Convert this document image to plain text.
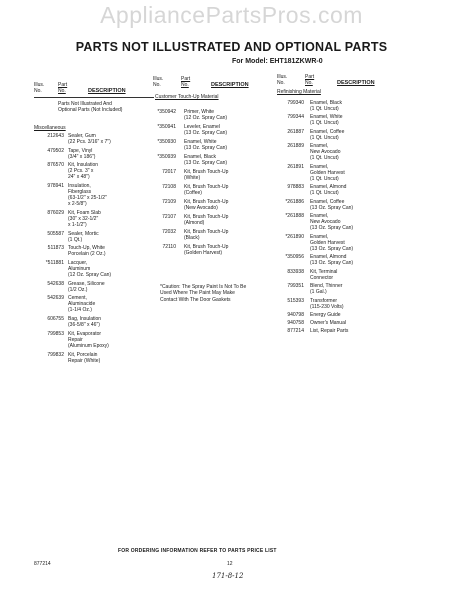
AppliancePartsPros.com
PARTS NOT ILLUSTRATED AND OPTIONAL PARTS
For Model: EHT181ZKWR-0
Illus.
No.
Part
No.	DESCRIPTION
Illus.
No.
Part
No.	DESCRIPTION
Illus.
No.
Part
No.	DESCRIPTION
Parts Not Illustrated And
Optional Parts (Not Included)
Miscellaneous
212643 Sealer, Gum
(22 Pcs. 3/16" x 7")
479502 Tape, Vinyl
(3/4" x 186")
876570 Kit, Insulation
(2 Pcs. 3" x
24" x 48")
978941 Insulation,
Fiberglass
(63-1/2" x 25-1/2"
x 2-5/8")
876029 Kit, Foam Slab
(30" x 32-1/2"
x 1-1/2")
505587 Sealer, Mortic
(1 Qt.)
511873 Touch-Up, White
Porcelain (2 Oz.)
*511881 Lacquer,
Aluminum
(12 Oz. Spray Can)
542638 Grease, Silicone
(1/2 Oz.)
542639 Cement,
Aluminacide
(1-1/4 Oz.)
606755 Bag, Insulation
(36-5/8" x 46")
799853 Kit, Evaporator
Repair
(Aluminum Epoxy)
799832 Kit, Porcelain
Repair (White)
Customer Touch-Up Material
*350942 Primer, White
(12 Oz. Spray Can)
*350941 Leveler, Enamel
(13 Oz. Spray Can)
*350930 Enamel, White
(13 Oz. Spray Can)
*350939 Enamel, Black
(13 Oz. Spray Can)
72017 Kit, Brush Touch-Up
(White)
72108 Kit, Brush Touch-Up
(Coffee)
72109 Kit, Brush Touch-Up
(New Avocado)
72107 Kit, Brush Touch-Up
(Almond)
72032 Kit, Brush Touch-Up
(Black)
72110 Kit, Brush Touch-Up
(Golden Harvest)
*Caution: The Spray Paint Is Not To Be
Used Where The Paint May Make
Contact With The Door Gaskets
Refinishing Material
799340 Enamel, Black
(1 Qt. Uncut)
799344 Enamel, White
(1 Qt. Uncut)
261887 Enamel, Coffee
(1 Qt. Uncut)
261889 Enamel,
New Avocado
(1 Qt. Uncut)
261891 Enamel,
Golden Harvest
(1 Qt. Uncut)
978883 Enamel, Almond
(1 Qt. Uncut)
*261886 Enamel, Coffee
(13 Oz. Spray Can)
*261888 Enamel,
New Avocado
(13 Oz. Spray Can)
*261890 Enamel,
Golden Harvest
(13 Oz. Spray Can)
*350956 Enamel, Almond
(13 Oz. Spray Can)
833938 Kit, Terminal
Connector
799351 Blend, Thinner
(1 Gal.)
515393 Transformer
(115-230 Volts)
940798 Energy Guide
940758 Owner's Manual
877214 List, Repair Parts
FOR ORDERING INFORMATION REFER TO PARTS PRICE LIST
877214	12
171-8-12
